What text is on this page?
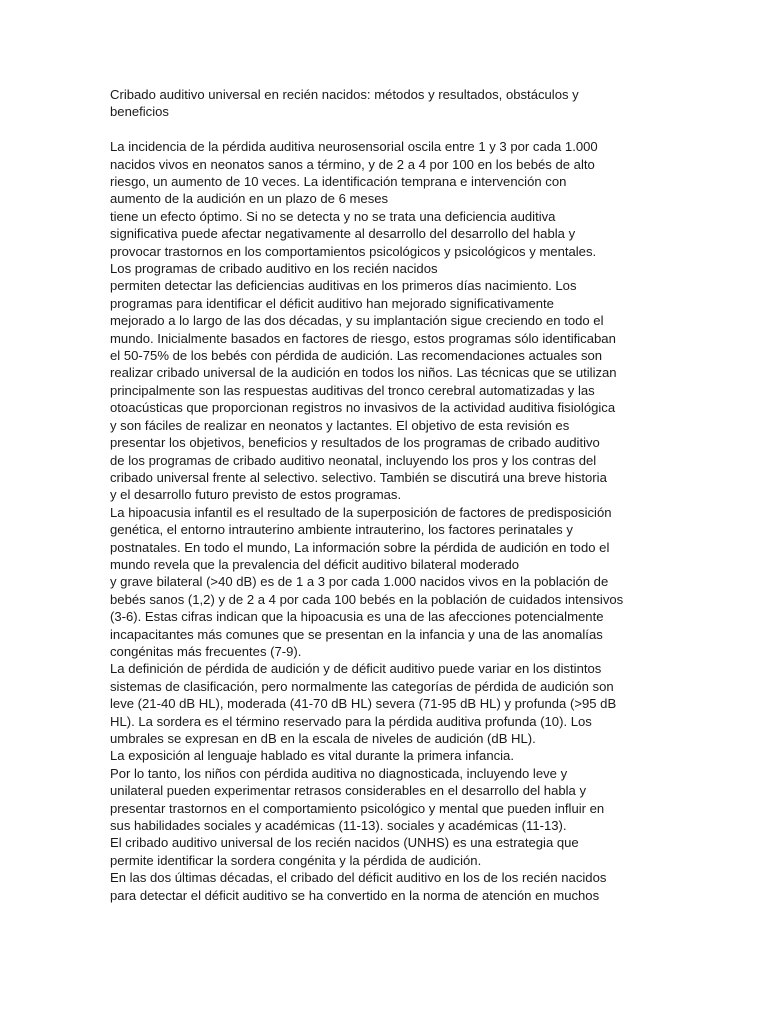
Cribado auditivo universal en recién nacidos: métodos y resultados, obstáculos y
beneficios
La incidencia de la pérdida auditiva neurosensorial oscila entre 1 y 3 por cada 1.000
nacidos vivos en neonatos sanos a término, y de 2 a 4 por 100 en los bebés de alto
riesgo, un aumento de 10 veces. La identificación temprana e intervención con
aumento de la audición en un plazo de 6 meses
tiene un efecto óptimo. Si no se detecta y no se trata una deficiencia auditiva
significativa puede afectar negativamente al desarrollo del desarrollo del habla y
provocar trastornos en los comportamientos psicológicos y psicológicos y mentales.
Los programas de cribado auditivo en los recién nacidos
permiten detectar las deficiencias auditivas en los primeros días nacimiento. Los
programas para identificar el déficit auditivo han mejorado significativamente
mejorado a lo largo de las dos décadas, y su implantación sigue creciendo en todo el
mundo. Inicialmente basados en factores de riesgo, estos programas sólo identificaban
el 50-75% de los bebés con pérdida de audición. Las recomendaciones actuales son
realizar cribado universal de la audición en todos los niños. Las técnicas que se utilizan
principalmente son las respuestas auditivas del tronco cerebral automatizadas y las
otoacústicas que proporcionan registros no invasivos de la actividad auditiva fisiológica
y son fáciles de realizar en neonatos y lactantes. El objetivo de esta revisión es
presentar los objetivos, beneficios y resultados de los programas de cribado auditivo
de los programas de cribado auditivo neonatal, incluyendo los pros y los contras del
cribado universal frente al selectivo. selectivo. También se discutirá una breve historia
y el desarrollo futuro previsto de estos programas.
La hipoacusia infantil es el resultado de la superposición de factores de predisposición
genética, el entorno intrauterino ambiente intrauterino, los factores perinatales y
postnatales. En todo el mundo, La información sobre la pérdida de audición en todo el
mundo revela que la prevalencia del déficit auditivo bilateral moderado
y grave bilateral (>40 dB) es de 1 a 3 por cada 1.000 nacidos vivos en la población de
bebés sanos (1,2) y de 2 a 4 por cada 100 bebés en la población de cuidados intensivos
(3-6). Estas cifras indican que la hipoacusia es una de las afecciones potencialmente
incapacitantes más comunes que se presentan en la infancia y una de las anomalías
congénitas más frecuentes (7-9).
La definición de pérdida de audición y de déficit auditivo puede variar en los distintos
sistemas de clasificación, pero normalmente las categorías de pérdida de audición son
leve (21-40 dB HL), moderada (41-70 dB HL) severa (71-95 dB HL) y profunda (>95 dB
HL). La sordera es el término reservado para la pérdida auditiva profunda (10). Los
umbrales se expresan en dB en la escala de niveles de audición (dB HL).
La exposición al lenguaje hablado es vital durante la primera infancia.
Por lo tanto, los niños con pérdida auditiva no diagnosticada, incluyendo leve y
unilateral pueden experimentar retrasos considerables en el desarrollo del habla y
presentar trastornos en el comportamiento psicológico y mental que pueden influir en
sus habilidades sociales y académicas (11-13). sociales y académicas (11-13).
El cribado auditivo universal de los recién nacidos (UNHS) es una estrategia que
permite identificar la sordera congénita y la pérdida de audición.
En las dos últimas décadas, el cribado del déficit auditivo en los de los recién nacidos
para detectar el déficit auditivo se ha convertido en la norma de atención en muchos
